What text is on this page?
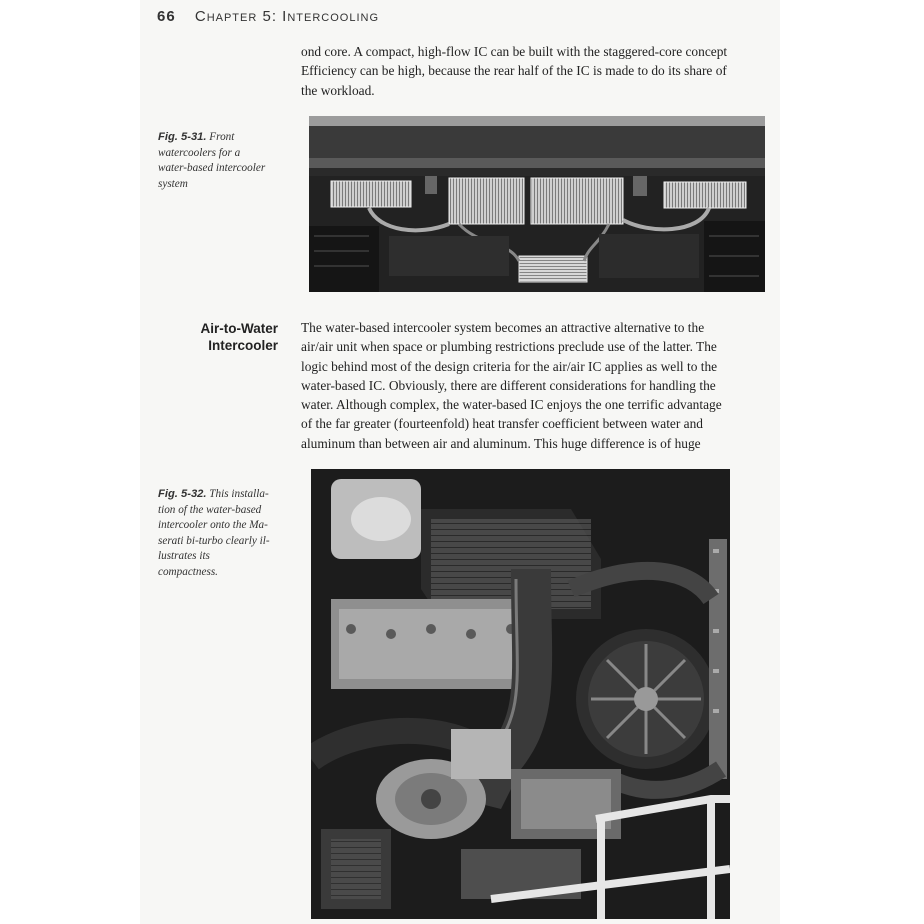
66 Chapter 5: Intercooling
ond core. A compact, high-flow IC can be built with the staggered-core concept
Efficiency can be high, because the rear half of the IC is made to do its share of
the workload.
Fig. 5-31. Front
watercoolers for a
water-based intercooler
system
Air-to-Water
Intercooler
The water-based intercooler system becomes an attractive alternative to the
air/air unit when space or plumbing restrictions preclude use of the latter. The
logic behind most of the design criteria for the air/air IC applies as well to the
water-based IC. Obviously, there are different considerations for handling the
water. Although complex, the water-based IC enjoys the one terrific advantage
of the far greater (fourteenfold) heat transfer coefficient between water and
aluminum than between air and aluminum. This huge difference is of huge
Fig. 5-32. This installa-
tion of the water-based
intercooler onto the Ma-
serati bi-turbo clearly il-
lustrates its
compactness.
